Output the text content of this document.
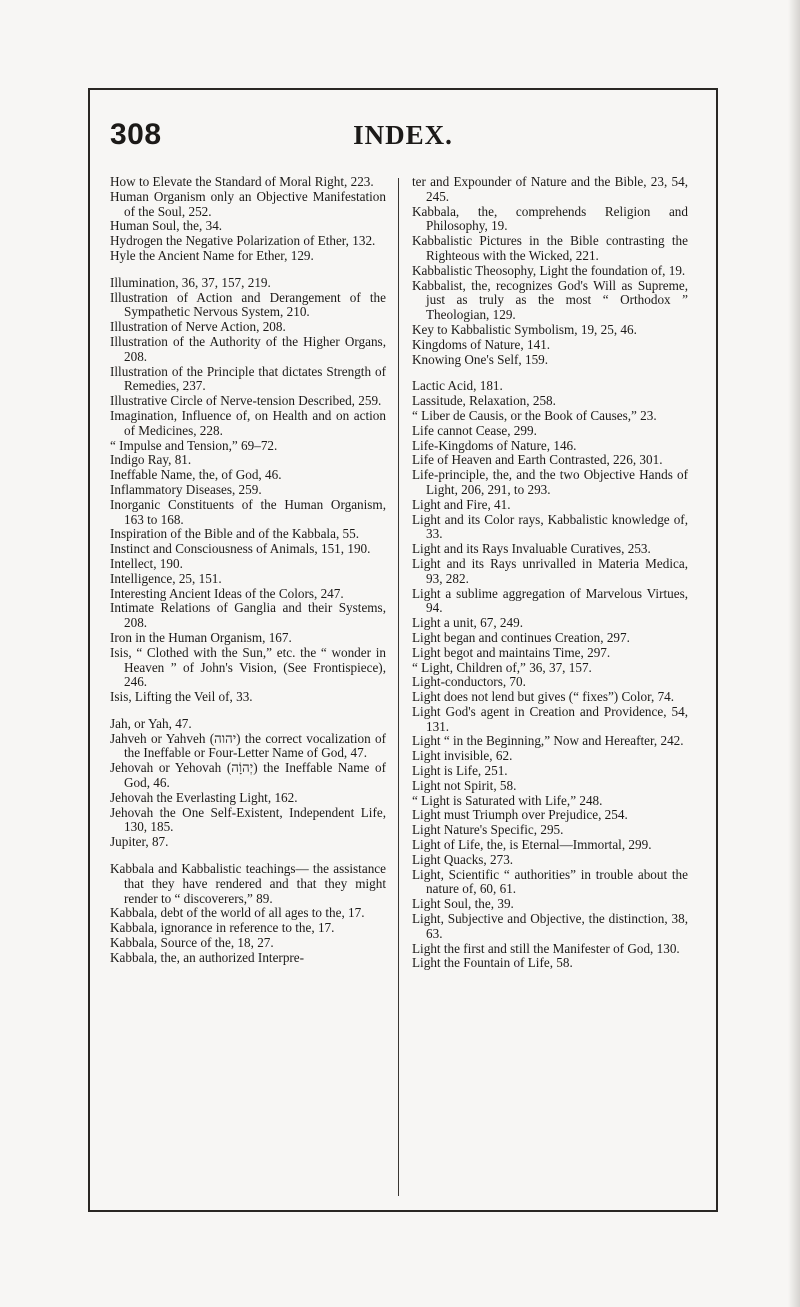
308	INDEX.

How to Elevate the Standard of Moral Right, 223.

Human Organism only an Objective Manifestation of the Soul, 252.

Human Soul, the, 34.

Hydrogen the Negative Polarization of Ether, 132.

Hyle the Ancient Name for Ether, 129.

Illumination, 36, 37, 157, 219.

Illustration of Action and Derangement of the Sympathetic Nervous System, 210.

Illustration of Nerve Action, 208.

Illustration of the Authority of the Higher Organs, 208.

Illustration of the Principle that dictates Strength of Remedies, 237.

Illustrative Circle of Nerve-tension Described, 259.

Imagination, Influence of, on Health and on action of Medicines, 228.

“ Impulse and Tension,” 69–72.

Indigo Ray, 81.

Ineffable Name, the, of God, 46.

Inflammatory Diseases, 259.

Inorganic Constituents of the Human Organism, 163 to 168.

Inspiration of the Bible and of the Kabbala, 55.

Instinct and Consciousness of Animals, 151, 190.

Intellect, 190.

Intelligence, 25, 151.

Interesting Ancient Ideas of the Colors, 247.

Intimate Relations of Ganglia and their Systems, 208.

Iron in the Human Organism, 167.

Isis, “ Clothed with the Sun,” etc. the “ wonder in Heaven ” of John's Vision, (See Frontispiece), 246.

Isis, Lifting the Veil of, 33.

Jah, or Yah, 47.

Jahveh or Yahveh (יהוה) the correct vocalization of the Ineffable or Four-Letter Name of God, 47.

Jehovah or Yehovah (יְהוָֹה) the Ineffable Name of God, 46.

Jehovah the Everlasting Light, 162.

Jehovah the One Self-Existent, Independent Life, 130, 185.

Jupiter, 87.

Kabbala and Kabbalistic teachings— the assistance that they have rendered and that they might render to “ discoverers,” 89.

Kabbala, debt of the world of all ages to the, 17.

Kabbala, ignorance in reference to the, 17.

Kabbala, Source of the, 18, 27.

Kabbala, the, an authorized Interpre-

ter and Expounder of Nature and the Bible, 23, 54, 245.

Kabbala, the, comprehends Religion and Philosophy, 19.

Kabbalistic Pictures in the Bible contrasting the Righteous with the Wicked, 221.

Kabbalistic Theosophy, Light the foundation of, 19.

Kabbalist, the, recognizes God's Will as Supreme, just as truly as the most “ Orthodox ” Theologian, 129.

Key to Kabbalistic Symbolism, 19, 25, 46.

Kingdoms of Nature, 141.

Knowing One's Self, 159.

Lactic Acid, 181.

Lassitude, Relaxation, 258.

“ Liber de Causis, or the Book of Causes,” 23.

Life cannot Cease, 299.

Life-Kingdoms of Nature, 146.

Life of Heaven and Earth Contrasted, 226, 301.

Life-principle, the, and the two Objective Hands of Light, 206, 291, to 293.

Light and Fire, 41.

Light and its Color rays, Kabbalistic knowledge of, 33.

Light and its Rays Invaluable Curatives, 253.

Light and its Rays unrivalled in Materia Medica, 93, 282.

Light a sublime aggregation of Marvelous Virtues, 94.

Light a unit, 67, 249.

Light began and continues Creation, 297.

Light begot and maintains Time, 297.

“ Light, Children of,” 36, 37, 157.

Light-conductors, 70.

Light does not lend but gives (“ fixes”) Color, 74.

Light God's agent in Creation and Providence, 54, 131.

Light “ in the Beginning,” Now and Hereafter, 242.

Light invisible, 62.

Light is Life, 251.

Light not Spirit, 58.

“ Light is Saturated with Life,” 248.

Light must Triumph over Prejudice, 254.

Light Nature's Specific, 295.

Light of Life, the, is Eternal—Immortal, 299.

Light Quacks, 273.

Light, Scientific “ authorities” in trouble about the nature of, 60, 61.

Light Soul, the, 39.

Light, Subjective and Objective, the distinction, 38, 63.

Light the first and still the Manifester of God, 130.

Light the Fountain of Life, 58.
